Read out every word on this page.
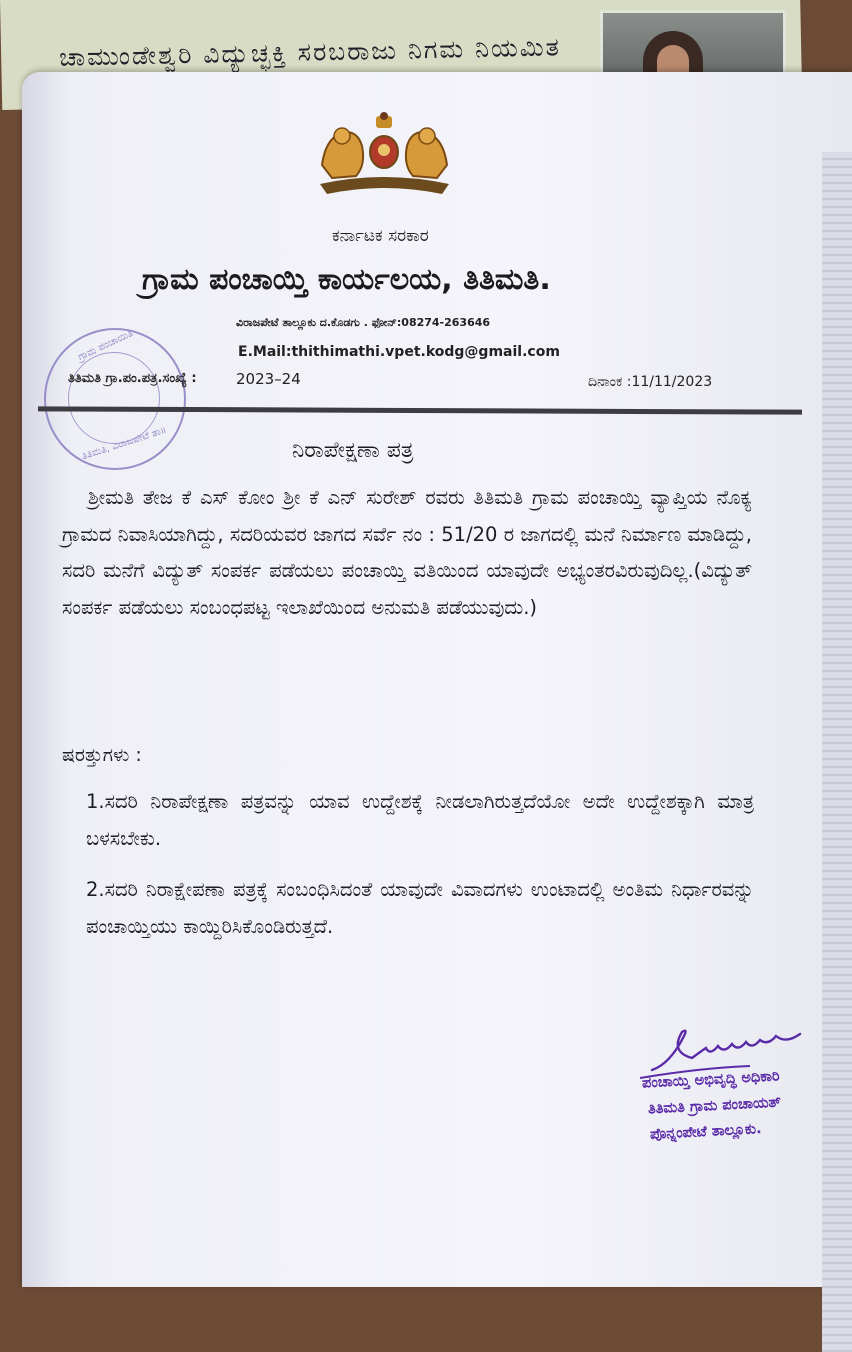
ಚಾಮುಂಡೇಶ್ವರಿ ವಿದ್ಯುಚ್ಛಕ್ತಿ ಸರಬರಾಜು ನಿಗಮ ನಿಯಮಿತ
ಕರ್ನಾಟಕ ಸರಕಾರ
ಗ್ರಾಮ ಪಂಚಾಯ್ತಿ ಕಾರ್ಯಲಯ, ತಿತಿಮತಿ.
ವಿರಾಜಪೇಟೆ ತಾಲ್ಲೂಕು ದ.ಕೊಡಗು . ಫೋನ್:08274-263646
E.Mail:thithimathi.vpet.kodg@gmail.com
ಗ್ರಾಮ ಪಂಚಾಯಿತಿ
ತಿತಿಮತಿ, ವಿರಾಜಪೇಟೆ ತಾ॥
ತಿತಿಮತಿ ಗ್ರಾ.ಪಂ.ಪತ್ರ.ಸಂಖ್ಯೆ :	2023–24	ದಿನಾಂಕ :11/11/2023
ನಿರಾಪೇಕ್ಷಣಾ ಪತ್ರ

ಶ್ರೀಮತಿ ತೇಜ ಕೆ ಎಸ್ ಕೋಂ ಶ್ರೀ ಕೆ ಎನ್ ಸುರೇಶ್ ರವರು ತಿತಿಮತಿ ಗ್ರಾಮ ಪಂಚಾಯ್ತಿ ವ್ಯಾಪ್ತಿಯ ನೊಕ್ಯ ಗ್ರಾಮದ ನಿವಾಸಿಯಾಗಿದ್ದು, ಸದರಿಯವರ ಜಾಗದ ಸರ್ವೆ ನಂ : 51/20 ರ ಜಾಗದಲ್ಲಿ ಮನೆ ನಿರ್ಮಾಣ ಮಾಡಿದ್ದು, ಸದರಿ ಮನೆಗೆ ವಿದ್ಯುತ್ ಸಂಪರ್ಕ ಪಡೆಯಲು ಪಂಚಾಯ್ತಿ ವತಿಯಿಂದ ಯಾವುದೇ ಅಭ್ಯಂತರವಿರುವುದಿಲ್ಲ.(ವಿದ್ಯುತ್ ಸಂಪರ್ಕ ಪಡೆಯಲು ಸಂಬಂಧಪಟ್ಟ ಇಲಾಖೆಯಿಂದ ಅನುಮತಿ ಪಡೆಯುವುದು.)

ಷರತ್ತುಗಳು :
1.ಸದರಿ ನಿರಾಪೇಕ್ಷಣಾ ಪತ್ರವನ್ನು ಯಾವ ಉದ್ದೇಶಕ್ಕೆ ನೀಡಲಾಗಿರುತ್ತದೆಯೋ ಅದೇ ಉದ್ದೇಶಕ್ಕಾಗಿ ಮಾತ್ರ ಬಳಸಬೇಕು.
2.ಸದರಿ ನಿರಾಕ್ಷೇಪಣಾ ಪತ್ರಕ್ಕೆ ಸಂಬಂಧಿಸಿದಂತೆ ಯಾವುದೇ ವಿವಾದಗಳು ಉಂಟಾದಲ್ಲಿ ಅಂತಿಮ ನಿರ್ಧಾರವನ್ನು ಪಂಚಾಯ್ತಿಯು ಕಾಯ್ದಿರಿಸಿಕೊಂಡಿರುತ್ತದೆ.
ಪಂಚಾಯ್ತಿ ಅಭಿವೃದ್ಧಿ ಅಧಿಕಾರಿ
ತಿತಿಮತಿ ಗ್ರಾಮ ಪಂಚಾಯತ್
ಪೊನ್ನಂಪೇಟೆ ತಾಲ್ಲೂಕು.
